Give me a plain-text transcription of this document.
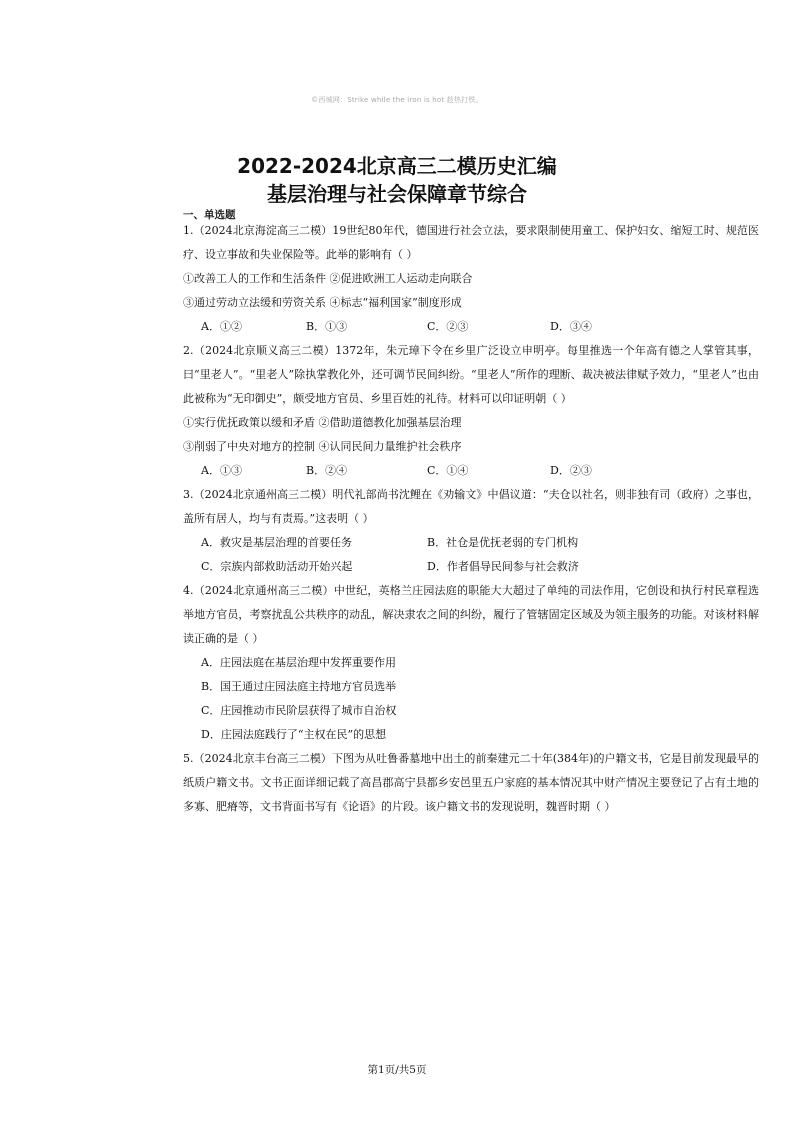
©西城网：Strike while the iron is hot 趁热打铁。
2022-2024北京高三二模历史汇编
基层治理与社会保障章节综合
一、单选题

1.（2024北京海淀高三二模）19世纪80年代，德国进行社会立法，要求限制使用童工、保护妇女、缩短工时、规范医疗、设立事故和失业保险等。此举的影响有（ ）

①改善工人的工作和生活条件 ②促进欧洲工人运动走向联合
③通过劳动立法缓和劳资关系 ④标志“福利国家”制度形成
A．①②	B．①③	C．②③	D．③④

2.（2024北京顺义高三二模）1372年，朱元璋下令在乡里广泛设立申明亭。每里推选一个年高有德之人掌管其事，曰“里老人”。“里老人”除执掌教化外，还可调节民间纠纷。“里老人”所作的理断、裁决被法律赋予效力，“里老人”也由此被称为“无印御史”，颇受地方官员、乡里百姓的礼待。材料可以印证明朝（ ）

①实行优抚政策以缓和矛盾 ②借助道德教化加强基层治理
③削弱了中央对地方的控制 ④认同民间力量维护社会秩序
A．①③	B．②④	C．①④	D．②③

3.（2024北京通州高三二模）明代礼部尚书沈鲤在《劝输文》中倡议道：“夫仓以社名，则非独有司（政府）之事也，盖所有居人，均与有责焉。”这表明（ ）

A．救灾是基层治理的首要任务	B．社仓是优抚老弱的专门机构
C．宗族内部救助活动开始兴起	D．作者倡导民间参与社会救济

4.（2024北京通州高三二模）中世纪，英格兰庄园法庭的职能大大超过了单纯的司法作用，它创设和执行村民章程选举地方官员，考察扰乱公共秩序的动乱，解决隶农之间的纠纷，履行了管辖固定区域及为领主服务的功能。对该材料解读正确的是（ ）

A．庄园法庭在基层治理中发挥重要作用
B．国王通过庄园法庭主持地方官员选举
C．庄园推动市民阶层获得了城市自治权
D．庄园法庭践行了“主权在民”的思想

5.（2024北京丰台高三二模）下图为从吐鲁番墓地中出土的前秦建元二十年(384年)的户籍文书，它是目前发现最早的纸质户籍文书。文书正面详细记载了高昌郡高宁县都乡安邑里五户家庭的基本情况其中财产情况主要登记了占有土地的多寡、肥瘠等，文书背面书写有《论语》的片段。该户籍文书的发现说明，魏晋时期（ ）

第1页/共5页
